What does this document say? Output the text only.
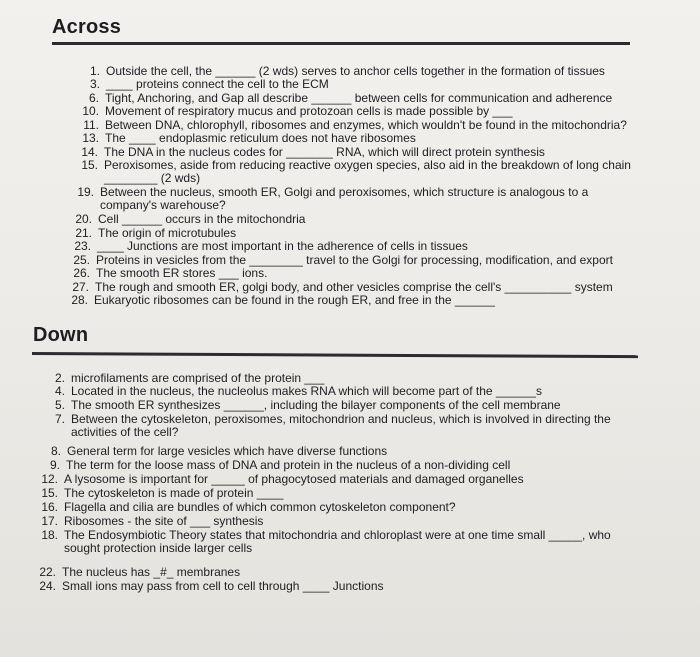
Across
1. Outside the cell, the ______ (2 wds) serves to anchor cells together in the formation of tissues
3. ____ proteins connect the cell to the ECM
6. Tight, Anchoring, and Gap all describe ______ between cells for communication and adherence
10. Movement of respiratory mucus and protozoan cells is made possible by ___
11. Between DNA, chlorophyll, ribosomes and enzymes, which wouldn't be found in the mitochondria?
13. The ____ endoplasmic reticulum does not have ribosomes
14. The DNA in the nucleus codes for _______ RNA, which will direct protein synthesis
15. Peroxisomes, aside from reducing reactive oxygen species, also aid in the breakdown of long chain
________ (2 wds)
19. Between the nucleus, smooth ER, Golgi and peroxisomes, which structure is analogous to a
company's warehouse?
20. Cell ______ occurs in the mitochondria
21. The origin of microtubules
23. ____ Junctions are most important in the adherence of cells in tissues
25. Proteins in vesicles from the ________ travel to the Golgi for processing, modification, and export
26. The smooth ER stores ___ ions.
27. The rough and smooth ER, golgi body, and other vesicles comprise the cell's __________ system
28. Eukaryotic ribosomes can be found in the rough ER, and free in the ______
Down
2. microfilaments are comprised of the protein ___
4. Located in the nucleus, the nucleolus makes RNA which will become part of the ______s
5. The smooth ER synthesizes ______, including the bilayer components of the cell membrane
7. Between the cytoskeleton, peroxisomes, mitochondrion and nucleus, which is involved in directing the
activities of the cell?
8. General term for large vesicles which have diverse functions
9. The term for the loose mass of DNA and protein in the nucleus of a non-dividing cell
12. A lysosome is important for _____ of phagocytosed materials and damaged organelles
15. The cytoskeleton is made of protein ____
16. Flagella and cilia are bundles of which common cytoskeleton component?
17. Ribosomes - the site of ___ synthesis
18. The Endosymbiotic Theory states that mitochondria and chloroplast were at one time small _____, who
sought protection inside larger cells
22. The nucleus has _#_ membranes
24. Small ions may pass from cell to cell through ____ Junctions
